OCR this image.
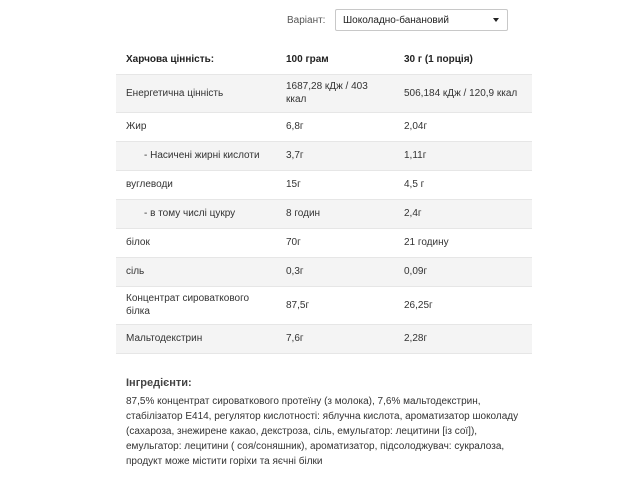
Варіант:	Шоколадно-банановий
Харчова цінність:	100 грам	30 г (1 порція)
Енергетична цінність	1687,28 кДж / 403 ккал	506,184 кДж / 120,9 ккал
Жир	6,8г	2,04г
- Насичені жирні кислоти	3,7г	1,11г
вуглеводи	15г	4,5 г
- в тому числі цукру	8 годин	2,4г
білок	70г	21 годину
сіль	0,3г	0,09г
Концентрат сироваткового білка	87,5г	26,25г
Мальтодекстрин	7,6г	2,28г
Інгредієнти:

87,5% концентрат сироваткового протеїну (з молока), 7,6% мальтодекстрин, стабілізатор E414, регулятор кислотності: яблучна кислота, ароматизатор шоколаду (сахароза, знежирене какао, декстроза, сіль, емульгатор: лецитини [із сої]), емульгатор: лецитини ( соя/соняшник), ароматизатор, підсолоджувач: сукралоза, продукт може містити горіхи та яєчні білки
